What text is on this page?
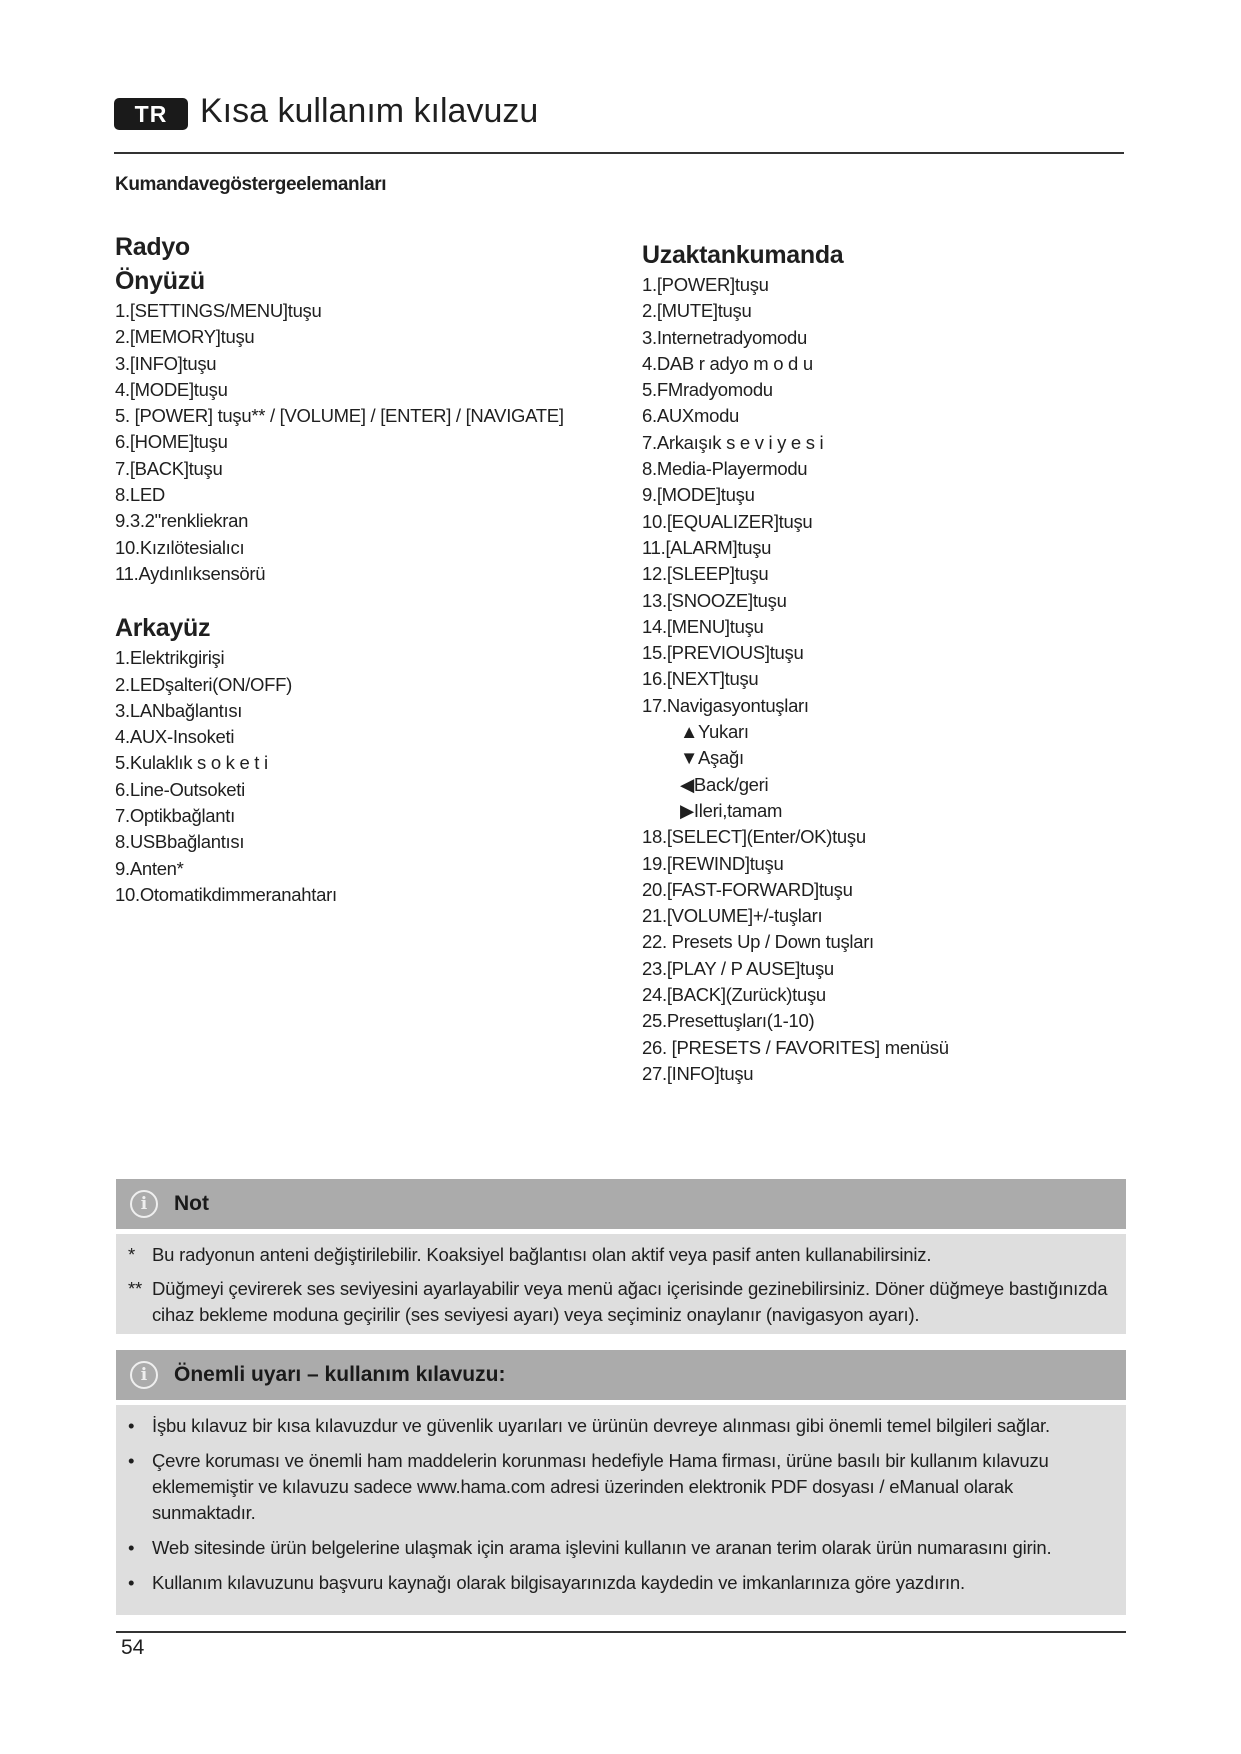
TR Kısa kullanım kılavuzu
Kumandavegöstergeelemanları
Radyo
Önyüzü
1.[SETTINGS/MENU]tuşu
2.[MEMORY]tuşu
3.[INFO]tuşu
4.[MODE]tuşu
5. [POWER] tuşu** / [VOLUME] / [ENTER] / [NAVIGATE]
6.[HOME]tuşu
7.[BACK]tuşu
8.LED
9.3.2"renkliekran
10.Kızılötesialıcı
11.Aydınlıksensörü
Arkayüz
1.Elektrikgirişi
2.LEDşalteri(ON/OFF)
3.LANbağlantısı
4.AUX-Insoketi
5.Kulaklık s o k e t i
6.Line-Outsoketi
7.Optikbağlantı
8.USBbağlantısı
9.Anten*
10.Otomatikdimmeranahtarı
Uzaktankumanda
1.[POWER]tuşu
2.[MUTE]tuşu
3.Internetradyomodu
4.DAB r adyo m o d u
5.FMradyomodu
6.AUXmodu
7.Arkaışık s e v i y e s i
8.Media-Playermodu
9.[MODE]tuşu
10.[EQUALIZER]tuşu
11.[ALARM]tuşu
12.[SLEEP]tuşu
13.[SNOOZE]tuşu
14.[MENU]tuşu
15.[PREVIOUS]tuşu
16.[NEXT]tuşu
17.Navigasyontuşları
▲Yukarı
▼Aşağı
◀Back/geri
▶Ileri,tamam
18.[SELECT](Enter/OK)tuşu
19.[REWIND]tuşu
20.[FAST-FORWARD]tuşu
21.[VOLUME]+/-tuşları
22. Presets Up / Down tuşları
23.[PLAY / P AUSE]tuşu
24.[BACK](Zurück)tuşu
25.Presettuşları(1-10)
26. [PRESETS / FAVORITES] menüsü
27.[INFO]tuşu
i	Not
* Bu radyonun anteni değiştirilebilir. Koaksiyel bağlantısı olan aktif veya pasif anten kullanabilirsiniz.
** Düğmeyi çevirerek ses seviyesini ayarlayabilir veya menü ağacı içerisinde gezinebilirsiniz. Döner düğmeye bastığınızda cihaz bekleme moduna geçirilir (ses seviyesi ayarı) veya seçiminiz onaylanır (navigasyon ayarı).
i	Önemli uyarı – kullanım kılavuzu:
• İşbu kılavuz bir kısa kılavuzdur ve güvenlik uyarıları ve ürünün devreye alınması gibi önemli temel bilgileri sağlar.
• Çevre koruması ve önemli ham maddelerin korunması hedefiyle Hama firması, ürüne basılı bir kullanım kılavuzu eklememiştir ve kılavuzu sadece www.hama.com adresi üzerinden elektronik PDF dosyası / eManual olarak sunmaktadır.
• Web sitesinde ürün belgelerine ulaşmak için arama işlevini kullanın ve aranan terim olarak ürün numarasını girin.
• Kullanım kılavuzunu başvuru kaynağı olarak bilgisayarınızda kaydedin ve imkanlarınıza göre yazdırın.
54
